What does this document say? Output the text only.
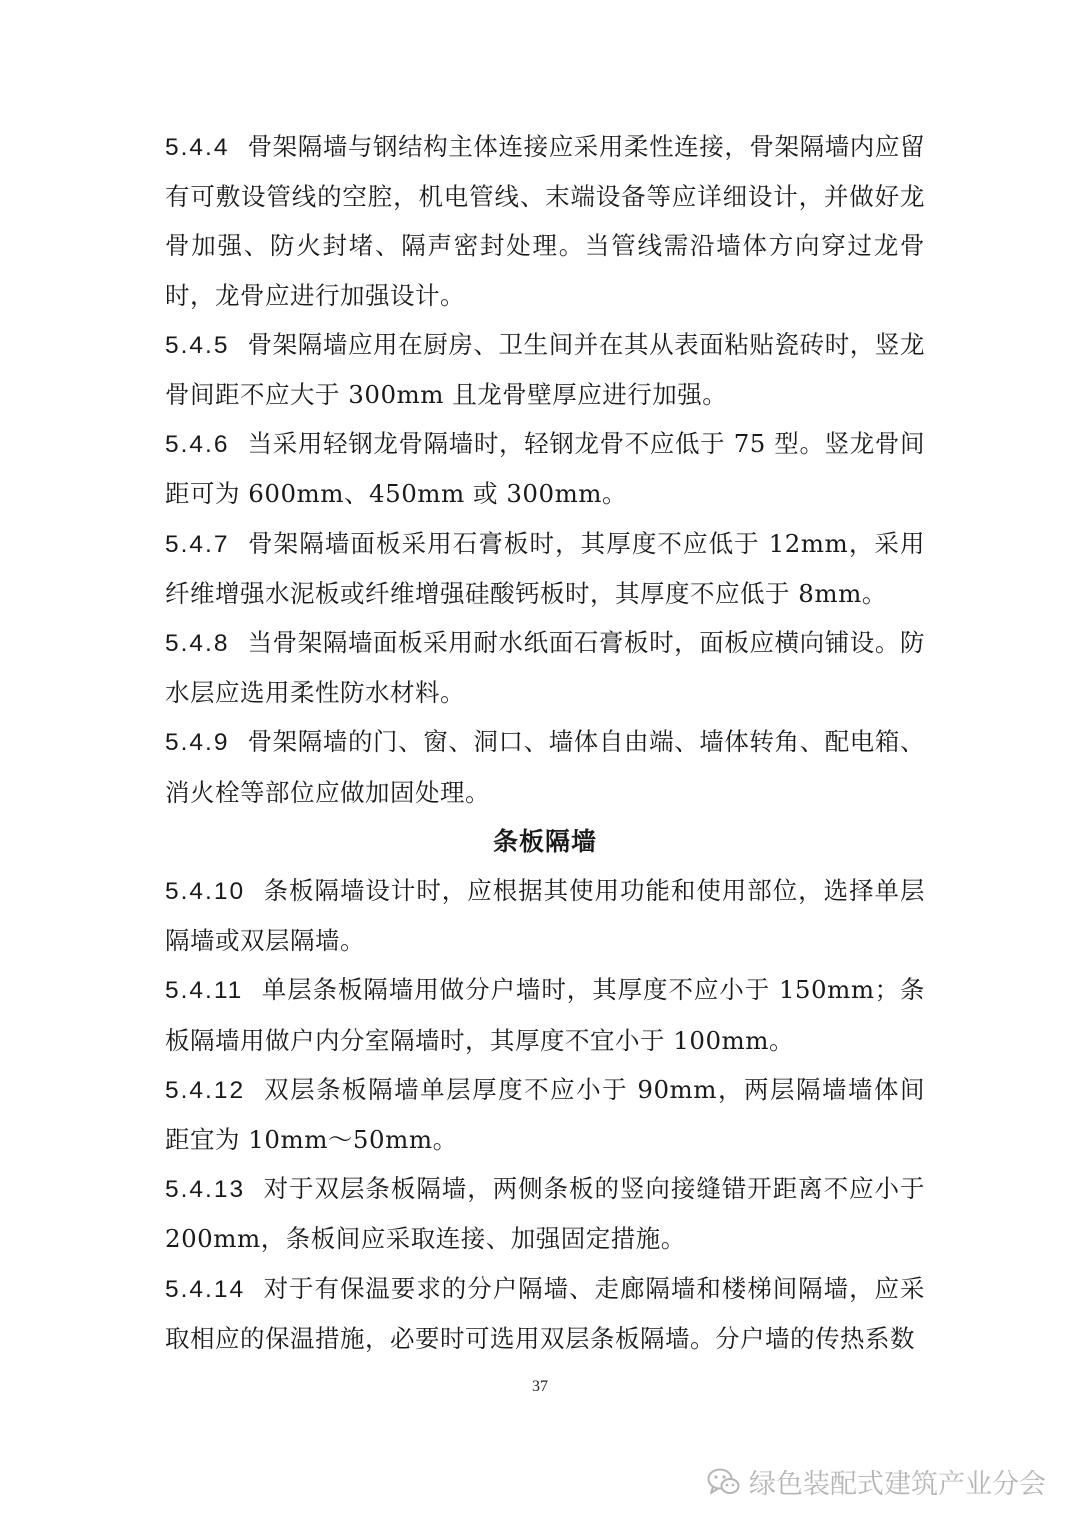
5.4.4 骨架隔墙与钢结构主体连接应采用柔性连接，骨架隔墙内应留有可敷设管线的空腔，机电管线、末端设备等应详细设计，并做好龙骨加强、防火封堵、隔声密封处理。当管线需沿墙体方向穿过龙骨时，龙骨应进行加强设计。

5.4.5 骨架隔墙应用在厨房、卫生间并在其从表面粘贴瓷砖时，竖龙骨间距不应大于 300mm 且龙骨壁厚应进行加强。

5.4.6 当采用轻钢龙骨隔墙时，轻钢龙骨不应低于 75 型。竖龙骨间距可为 600mm、450mm 或 300mm。

5.4.7 骨架隔墙面板采用石膏板时，其厚度不应低于 12mm，采用纤维增强水泥板或纤维增强硅酸钙板时，其厚度不应低于 8mm。

5.4.8 当骨架隔墙面板采用耐水纸面石膏板时，面板应横向铺设。防水层应选用柔性防水材料。

5.4.9 骨架隔墙的门、窗、洞口、墙体自由端、墙体转角、配电箱、消火栓等部位应做加固处理。

条板隔墙

5.4.10 条板隔墙设计时，应根据其使用功能和使用部位，选择单层隔墙或双层隔墙。

5.4.11 单层条板隔墙用做分户墙时，其厚度不应小于 150mm；条板隔墙用做户内分室隔墙时，其厚度不宜小于 100mm。

5.4.12 双层条板隔墙单层厚度不应小于 90mm，两层隔墙墙体间距宜为 10mm～50mm。

5.4.13 对于双层条板隔墙，两侧条板的竖向接缝错开距离不应小于200mm，条板间应采取连接、加强固定措施。

5.4.14 对于有保温要求的分户隔墙、走廊隔墙和楼梯间隔墙，应采取相应的保温措施，必要时可选用双层条板隔墙。分户墙的传热系数

37
绿色装配式建筑产业分会
